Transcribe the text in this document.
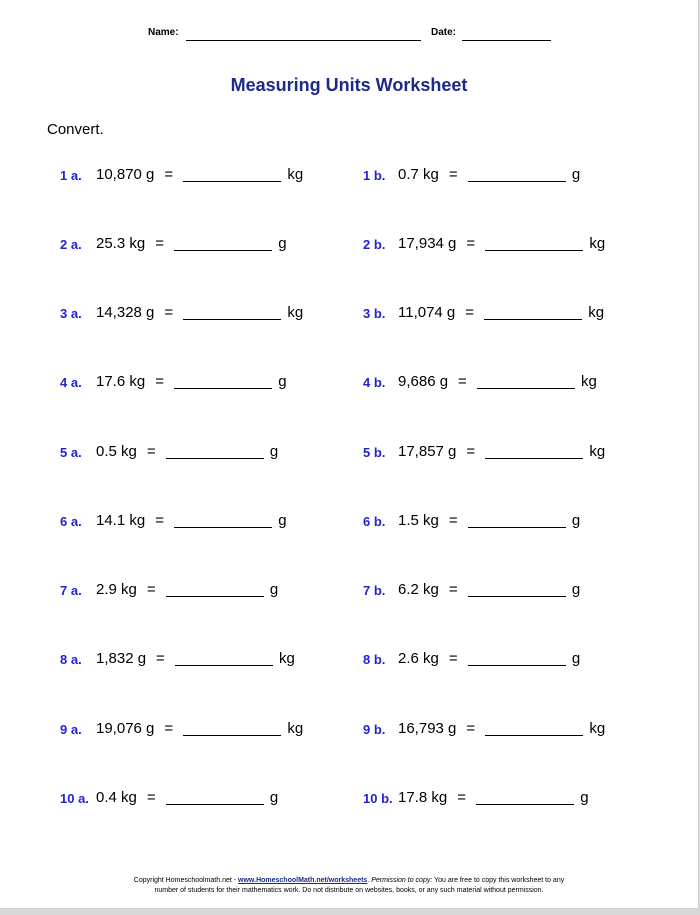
Name:	Date:
Measuring Units Worksheet
Convert.
1 a. 10,870 g =	kg
2 a. 25.3 kg =	g
3 a. 14,328 g =	kg
4 a. 17.6 kg =	g
5 a. 0.5 kg =	g
6 a. 14.1 kg =	g
7 a. 2.9 kg =	g
8 a. 1,832 g =	kg
9 a. 19,076 g =	kg
10 a. 0.4 kg =	g
1 b. 0.7 kg =	g
2 b. 17,934 g =	kg
3 b. 11,074 g =	kg
4 b. 9,686 g =	kg
5 b. 17,857 g =	kg
6 b. 1.5 kg =	g
7 b. 6.2 kg =	g
8 b. 2.6 kg =	g
9 b. 16,793 g =	kg
10 b. 17.8 kg =	g
Copyright Homeschoolmath.net - www.HomeschoolMath.net/worksheets. Permission to copy: You are free to copy this worksheet to any
number of students for their mathematics work. Do not distribute on websites, books, or any such material without permission.
